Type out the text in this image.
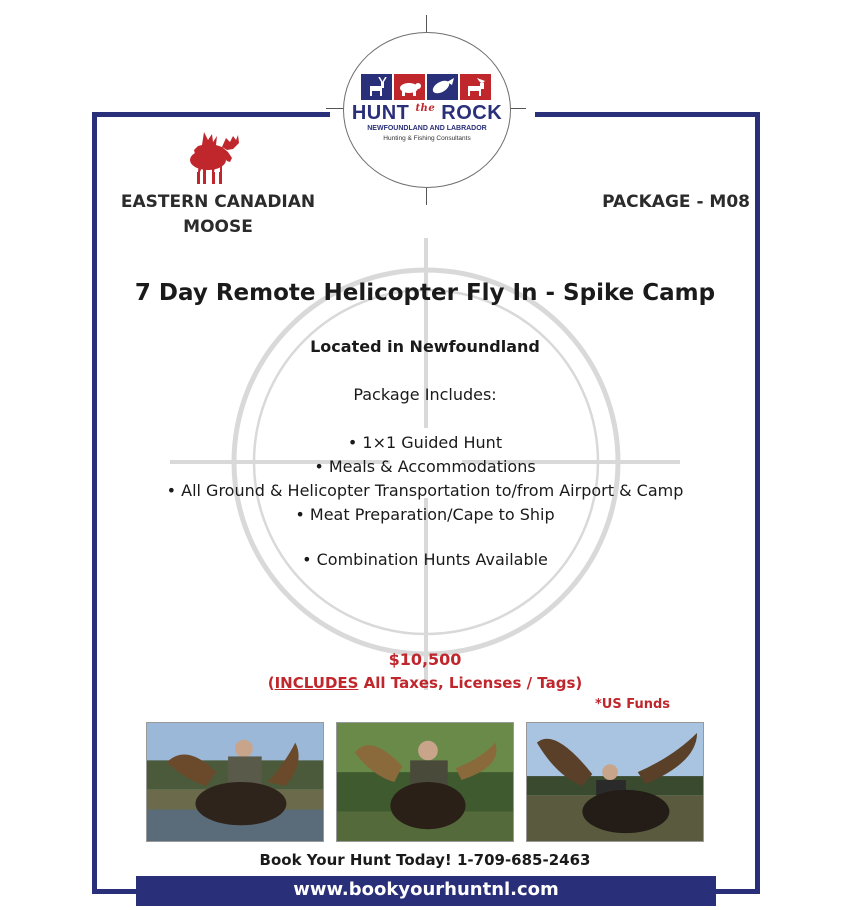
HUNT $^{the}$ ROCK
NEWFOUNDLAND AND LABRADOR
Hunting & Fishing Consultants
EASTERN CANADIAN
MOOSE
PACKAGE - M08
7 Day Remote Helicopter Fly In - Spike Camp
Located in Newfoundland
Package Includes:
• 1×1 Guided Hunt
• Meals & Accommodations
• All Ground & Helicopter Transportation to/from Airport & Camp
• Meat Preparation/Cape to Ship
• Combination Hunts Available
$10,500
(INCLUDES All Taxes, Licenses / Tags)
*US Funds
Book Your Hunt Today! 1-709-685-2463
www.bookyourhuntnl.com
